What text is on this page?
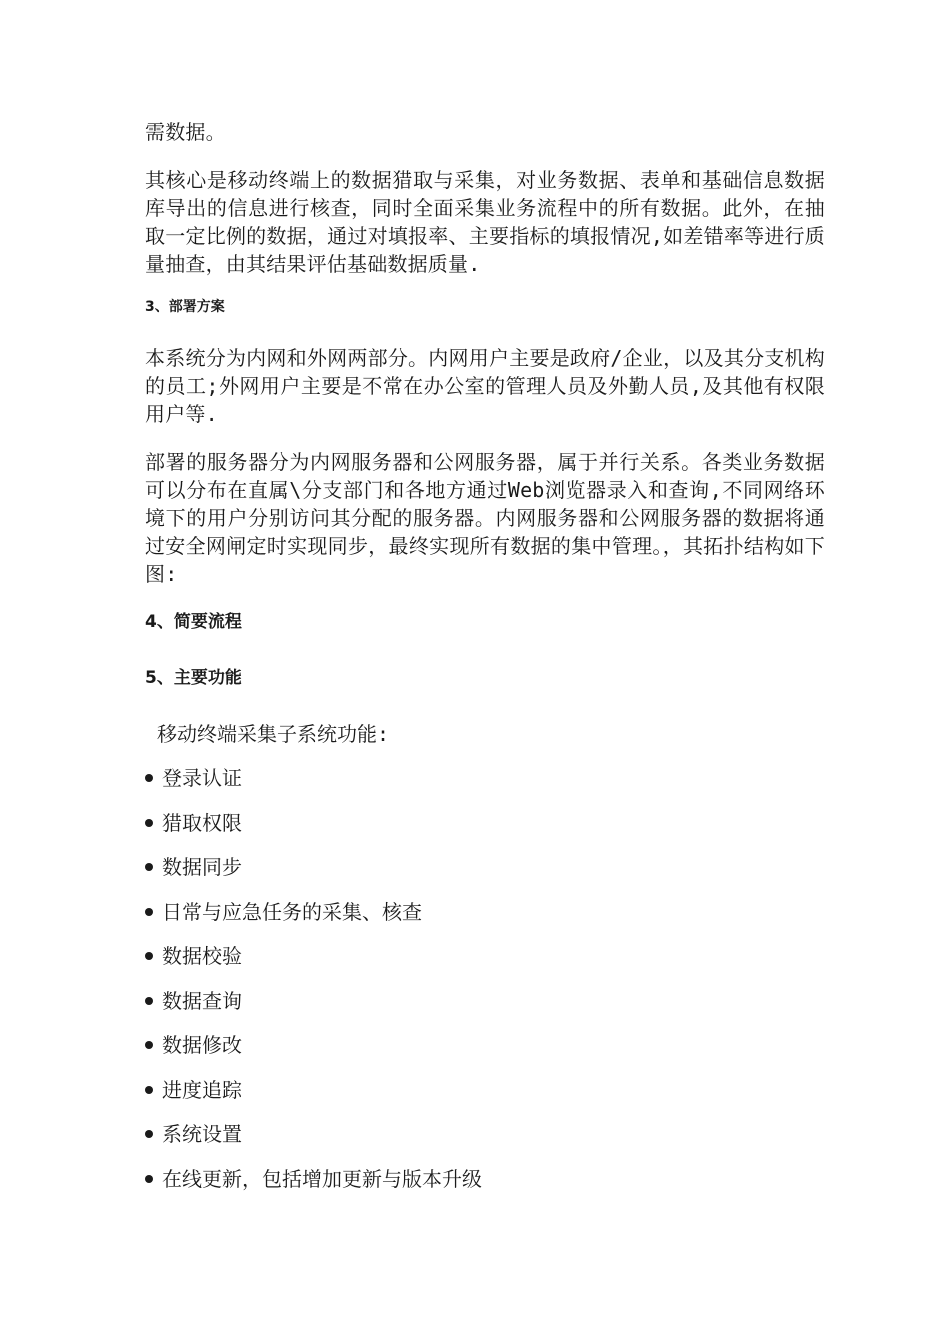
需数据。

其核心是移动终端上的数据猎取与采集，对业务数据、表单和基础信息数据库导出的信息进行核查，同时全面采集业务流程中的所有数据。此外，在抽取一定比例的数据，通过对填报率、主要指标的填报情况,如差错率等进行质量抽查，由其结果评估基础数据质量.

3、部署方案

本系统分为内网和外网两部分。内网用户主要是政府/企业，以及其分支机构的员工;外网用户主要是不常在办公室的管理人员及外勤人员,及其他有权限用户等.

部署的服务器分为内网服务器和公网服务器，属于并行关系。各类业务数据可以分布在直属\分支部门和各地方通过Web浏览器录入和查询,不同网络环境下的用户分别访问其分配的服务器。内网服务器和公网服务器的数据将通过安全网闸定时实现同步，最终实现所有数据的集中管理。，其拓扑结构如下图:

4、简要流程
5、主要功能

移动终端采集子系统功能:

登录认证
猎取权限
数据同步
日常与应急任务的采集、核查
数据校验
数据查询
数据修改
进度追踪
系统设置
在线更新，包括增加更新与版本升级
